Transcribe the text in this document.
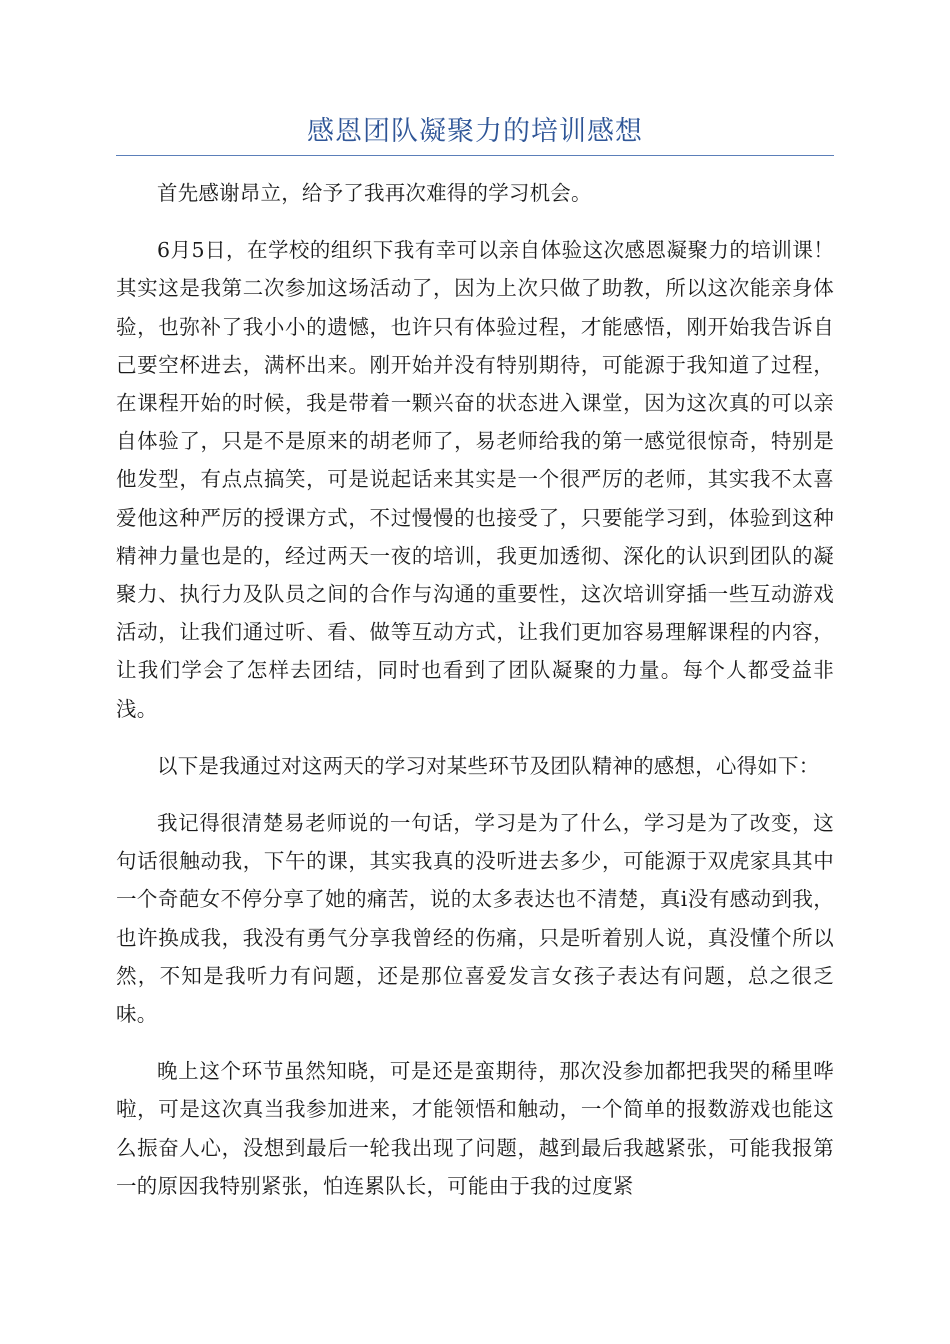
感恩团队凝聚力的培训感想

首先感谢昂立，给予了我再次难得的学习机会。

6月5日，在学校的组织下我有幸可以亲自体验这次感恩凝聚力的培训课！其实这是我第二次参加这场活动了，因为上次只做了助教，所以这次能亲身体验，也弥补了我小小的遗憾，也许只有体验过程，才能感悟，刚开始我告诉自己要空杯进去，满杯出来。刚开始并没有特别期待，可能源于我知道了过程，在课程开始的时候，我是带着一颗兴奋的状态进入课堂，因为这次真的可以亲自体验了，只是不是原来的胡老师了，易老师给我的第一感觉很惊奇，特别是他发型，有点点搞笑，可是说起话来其实是一个很严厉的老师，其实我不太喜爱他这种严厉的授课方式，不过慢慢的也接受了，只要能学习到，体验到这种精神力量也是的，经过两天一夜的培训，我更加透彻、深化的认识到团队的凝聚力、执行力及队员之间的合作与沟通的重要性，这次培训穿插一些互动游戏活动，让我们通过听、看、做等互动方式，让我们更加容易理解课程的内容，让我们学会了怎样去团结，同时也看到了团队凝聚的力量。每个人都受益非浅。

以下是我通过对这两天的学习对某些环节及团队精神的感想，心得如下：

我记得很清楚易老师说的一句话，学习是为了什么，学习是为了改变，这句话很触动我，下午的课，其实我真的没听进去多少，可能源于双虎家具其中一个奇葩女不停分享了她的痛苦，说的太多表达也不清楚，真i没有感动到我，也许换成我，我没有勇气分享我曾经的伤痛，只是听着别人说，真没懂个所以然，不知是我听力有问题，还是那位喜爱发言女孩子表达有问题，总之很乏味。

晚上这个环节虽然知晓，可是还是蛮期待，那次没参加都把我哭的稀里哗啦，可是这次真当我参加进来，才能领悟和触动，一个简单的报数游戏也能这么振奋人心，没想到最后一轮我出现了问题，越到最后我越紧张，可能我报第一的原因我特别紧张，怕连累队长，可能由于我的过度紧
